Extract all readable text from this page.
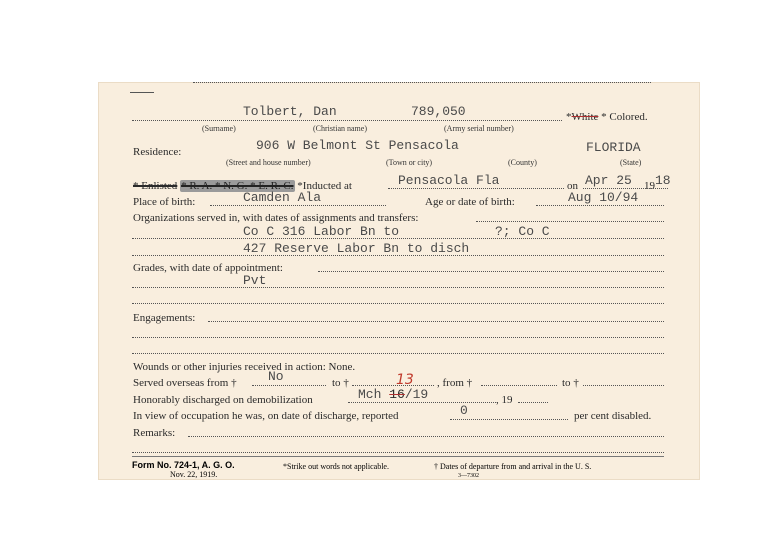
Tolbert, Dan	789,050
(Surname)	(Christian name)	(Army serial number)
*White * Colored.
Residence:	906 W Belmont St Pensacola	FLORIDA
(Street and house number)	(Town or city)	(County)	(State)
* Enlisted * R. A. * N. G. * E. R. C. *Inducted at	Pensacola Fla	on Apr 25 19 18
Place of birth:	Camden Ala	Age or date of birth:	Aug 10/94
Organizations served in, with dates of assignments and transfers:
Co C 316 Labor Bn to	?; Co C
427 Reserve Labor Bn to disch
Grades, with date of appointment:
Pvt
Engagements:
Wounds or other injuries received in action: None.
Served overseas from † No	to †	13 , from †	to †
Honorably discharged on demobilization	Mch 16/19	, 19
In view of occupation he was, on date of discharge, reported	0	per cent disabled.
Remarks:
Form No. 724-1, A. G. O.
Nov. 22, 1919.
*Strike out words not applicable.	† Dates of departure from and arrival in the U. S.
3—7302
